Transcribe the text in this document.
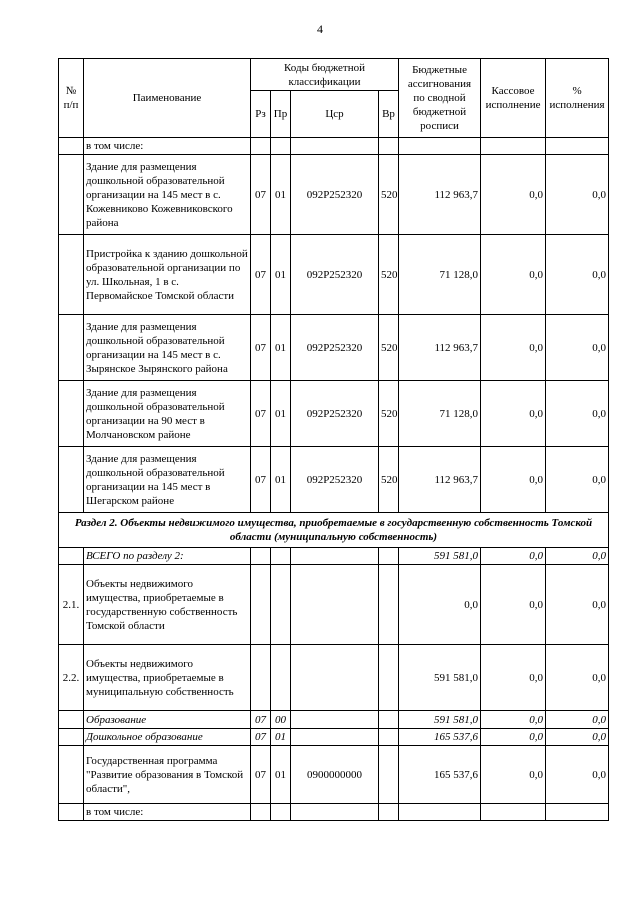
4
№ п/п	Паименование	Коды бюджетной классификации				Бюджетные ассигнования по сводной бюджетной росписи	Кассовое исполнение	% исполнения
		Рз	Пр	Цср	Вр			
	в том числе:							
	Здание для размещения дошкольной образовательной организации на 145 мест в с. Кожевниково Кожевниковского района	07	01	092P252320	520	112 963,7	0,0	0,0
	Пристройка к зданию дошкольной образовательной организации по ул. Школьная, 1 в с. Первомайское Томской области	07	01	092P252320	520	71 128,0	0,0	0,0
	Здание для размещения дошкольной образовательной организации на 145 мест в с. Зырянское Зырянского района	07	01	092P252320	520	112 963,7	0,0	0,0
	Здание для размещения дошкольной образовательной организации на 90 мест в Молчановском районе	07	01	092P252320	520	71 128,0	0,0	0,0
	Здание для размещения дошкольной образовательной организации на 145 мест в Шегарском районе	07	01	092P252320	520	112 963,7	0,0	0,0
Раздел 2. Объекты недвижимого имущества, приобретаемые в государственную собственность Томской области (муниципальную собственность)								
	ВСЕГО по разделу 2:					591 581,0	0,0	0,0
2.1.	Объекты недвижимого имущества, приобретаемые в государственную собственность Томской области					0,0	0,0	0,0
2.2.	Объекты недвижимого имущества, приобретаемые в муниципальную собственность					591 581,0	0,0	0,0
	Образование	07	00			591 581,0	0,0	0,0
	Дошкольное образование	07	01			165 537,6	0,0	0,0
	Государственная программа "Развитие образования в Томской области",	07	01	0900000000		165 537,6	0,0	0,0
	в том числе:							
